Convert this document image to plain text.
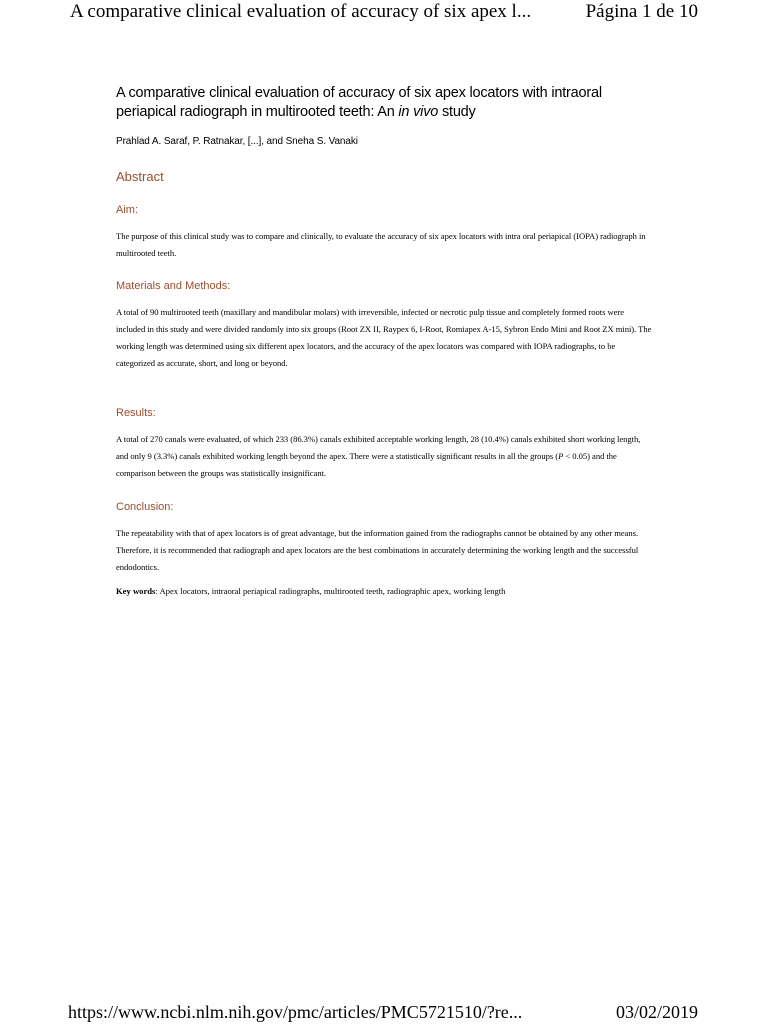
A comparative clinical evaluation of accuracy of six apex l...	Página 1 de 10
A comparative clinical evaluation of accuracy of six apex locators with intraoral periapical radiograph in multirooted teeth: An in vivo study
Prahlad A. Saraf, P. Ratnakar, [...], and Sneha S. Vanaki
Abstract
Aim:

The purpose of this clinical study was to compare and clinically, to evaluate the accuracy of six apex locators with intra oral periapical (IOPA) radiograph in multirooted teeth.

Materials and Methods:

A total of 90 multirooted teeth (maxillary and mandibular molars) with irreversible, infected or necrotic pulp tissue and completely formed roots were included in this study and were divided randomly into six groups (Root ZX II, Raypex 6, I-Root, Romiapex A-15, Sybron Endo Mini and Root ZX mini). The working length was determined using six different apex locators, and the accuracy of the apex locators was compared with IOPA radiographs, to be categorized as accurate, short, and long or beyond.

Results:

A total of 270 canals were evaluated, of which 233 (86.3%) canals exhibited acceptable working length, 28 (10.4%) canals exhibited short working length, and only 9 (3.3%) canals exhibited working length beyond the apex. There were a statistically significant results in all the groups (P < 0.05) and the comparison between the groups was statistically insignificant.

Conclusion:

The repeatability with that of apex locators is of great advantage, but the information gained from the radiographs cannot be obtained by any other means. Therefore, it is recommended that radiograph and apex locators are the best combinations in accurately determining the working length and the successful endodontics.

Key words: Apex locators, intraoral periapical radiographs, multirooted teeth, radiographic apex, working length
https://www.ncbi.nlm.nih.gov/pmc/articles/PMC5721510/?re...	03/02/2019
